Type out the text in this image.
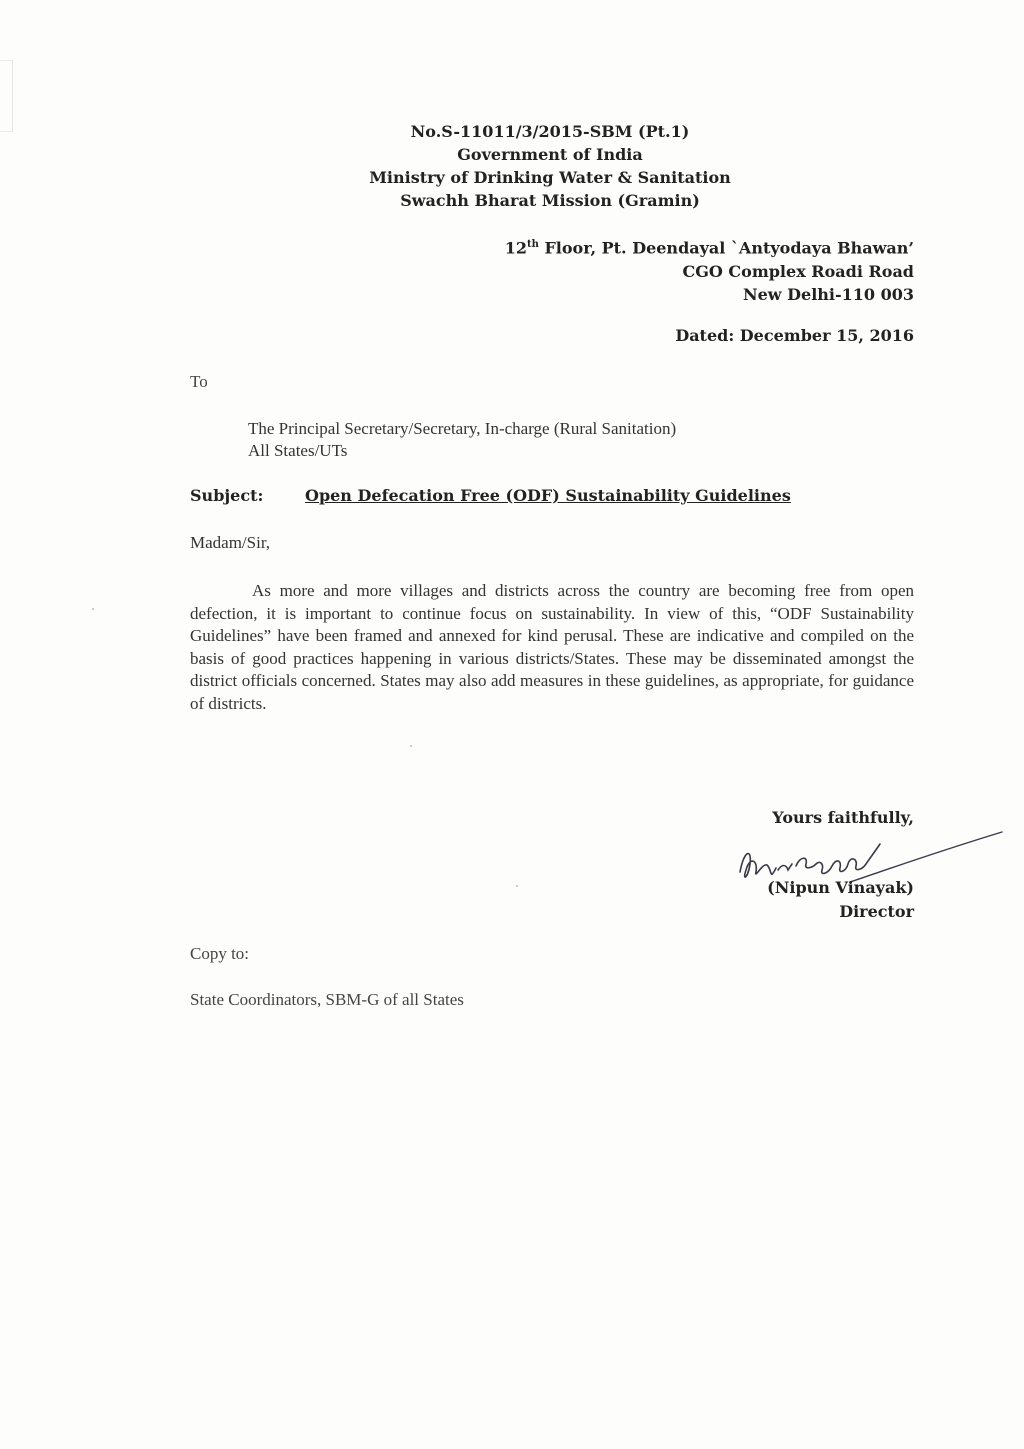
No.S-11011/3/2015-SBM (Pt.1)
Government of India
Ministry of Drinking Water & Sanitation
Swachh Bharat Mission (Gramin)
12th Floor, Pt. Deendayal `Antyodaya Bhawan’
CGO Complex Roadi Road
New Delhi-110 003
Dated: December 15, 2016
To
The Principal Secretary/Secretary, In-charge (Rural Sanitation)
All States/UTs
Subject:	Open Defecation Free (ODF) Sustainability Guidelines
Madam/Sir,

As more and more villages and districts across the country are becoming free from open defection, it is important to continue focus on sustainability. In view of this, “ODF Sustainability Guidelines” have been framed and annexed for kind perusal. These are indicative and compiled on the basis of good practices happening in various districts/States. These may be disseminated amongst the district officials concerned. States may also add measures in these guidelines, as appropriate, for guidance of districts.

Yours faithfully,
(Nipun Vinayak)
Director
Copy to:
State Coordinators, SBM-G of all States
